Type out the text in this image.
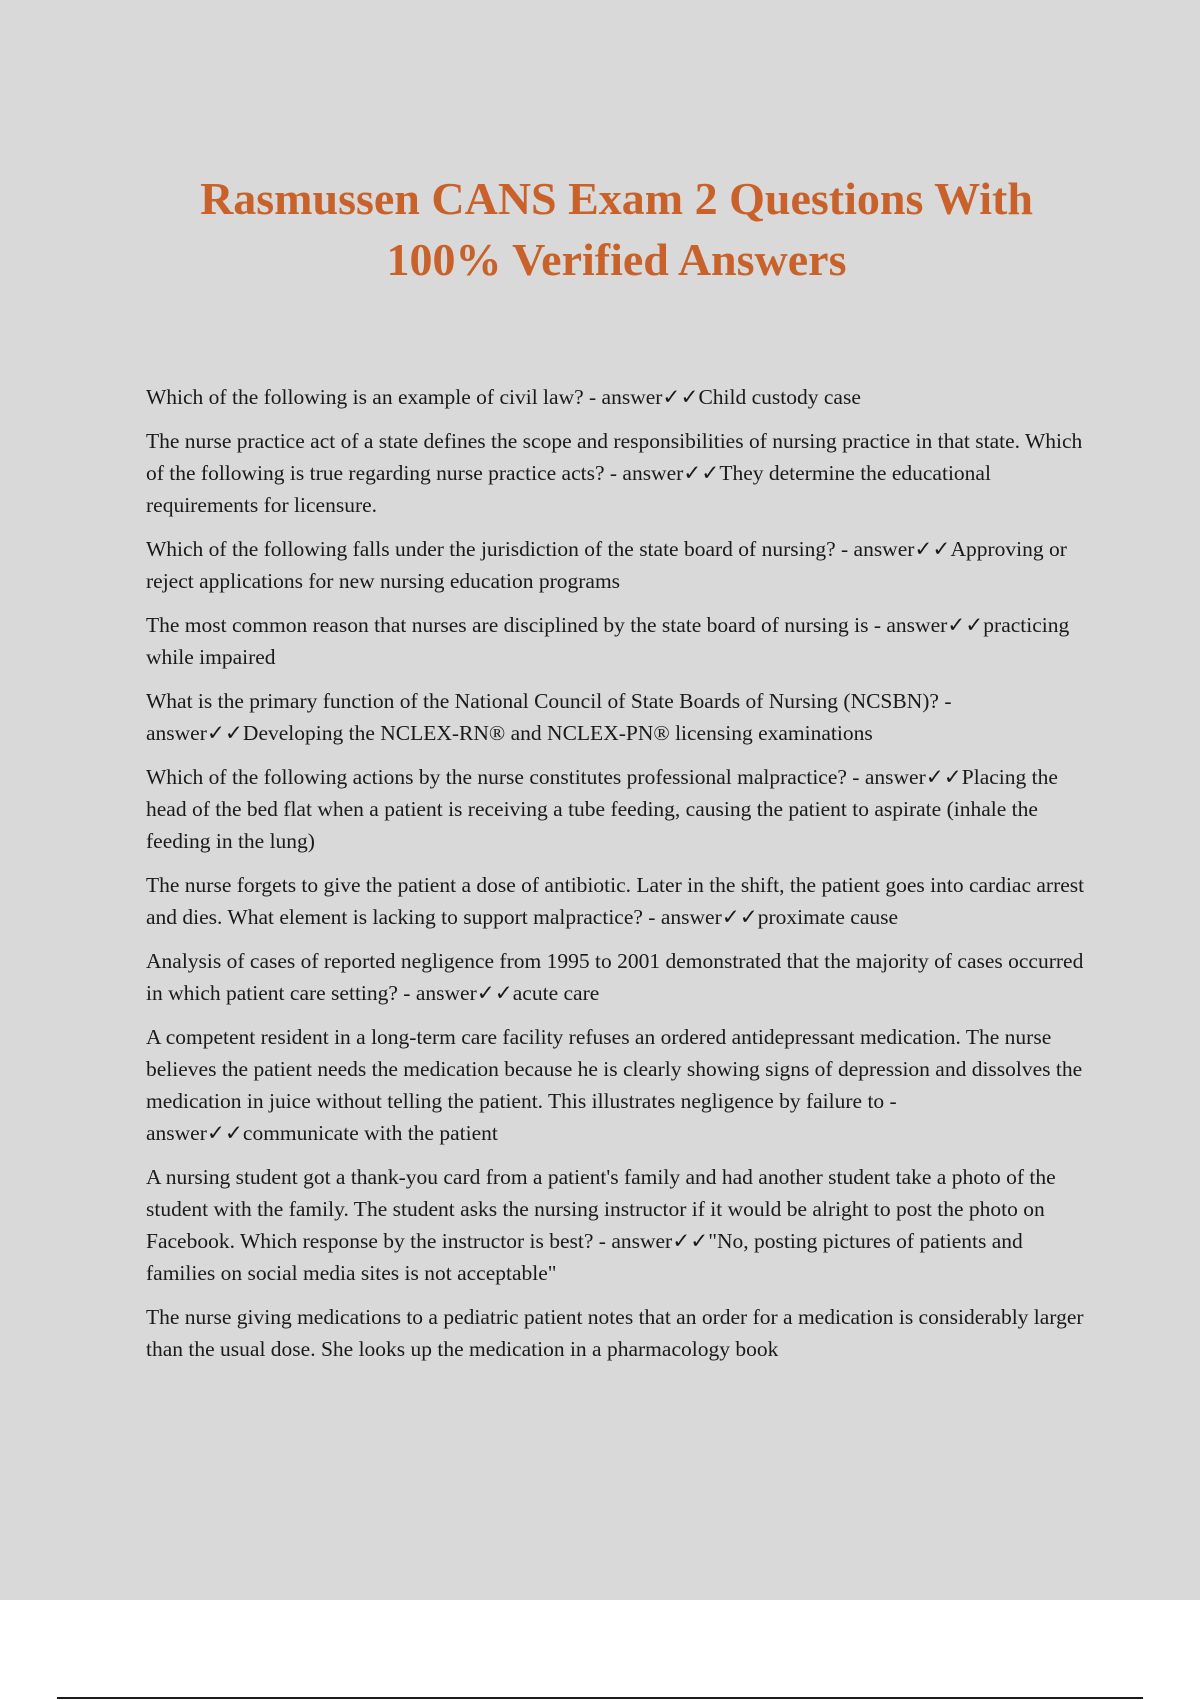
Rasmussen CANS Exam 2 Questions With
100% Verified Answers
Which of the following is an example of civil law? - answer✓✓Child custody case
The nurse practice act of a state defines the scope and responsibilities of nursing practice in that state. Which of the following is true regarding nurse practice acts? - answer✓✓They determine the educational requirements for licensure.
Which of the following falls under the jurisdiction of the state board of nursing? - answer✓✓Approving or reject applications for new nursing education programs
The most common reason that nurses are disciplined by the state board of nursing is - answer✓✓practicing while impaired
What is the primary function of the National Council of State Boards of Nursing (NCSBN)? - answer✓✓Developing the NCLEX-RN® and NCLEX-PN® licensing examinations
Which of the following actions by the nurse constitutes professional malpractice? - answer✓✓Placing the head of the bed flat when a patient is receiving a tube feeding, causing the patient to aspirate (inhale the feeding in the lung)
The nurse forgets to give the patient a dose of antibiotic. Later in the shift, the patient goes into cardiac arrest and dies. What element is lacking to support malpractice? - answer✓✓proximate cause
Analysis of cases of reported negligence from 1995 to 2001 demonstrated that the majority of cases occurred in which patient care setting? - answer✓✓acute care
A competent resident in a long-term care facility refuses an ordered antidepressant medication. The nurse believes the patient needs the medication because he is clearly showing signs of depression and dissolves the medication in juice without telling the patient. This illustrates negligence by failure to - answer✓✓communicate with the patient
A nursing student got a thank-you card from a patient's family and had another student take a photo of the student with the family. The student asks the nursing instructor if it would be alright to post the photo on Facebook. Which response by the instructor is best? - answer✓✓"No, posting pictures of patients and families on social media sites is not acceptable"
The nurse giving medications to a pediatric patient notes that an order for a medication is considerably larger than the usual dose. She looks up the medication in a pharmacology book
